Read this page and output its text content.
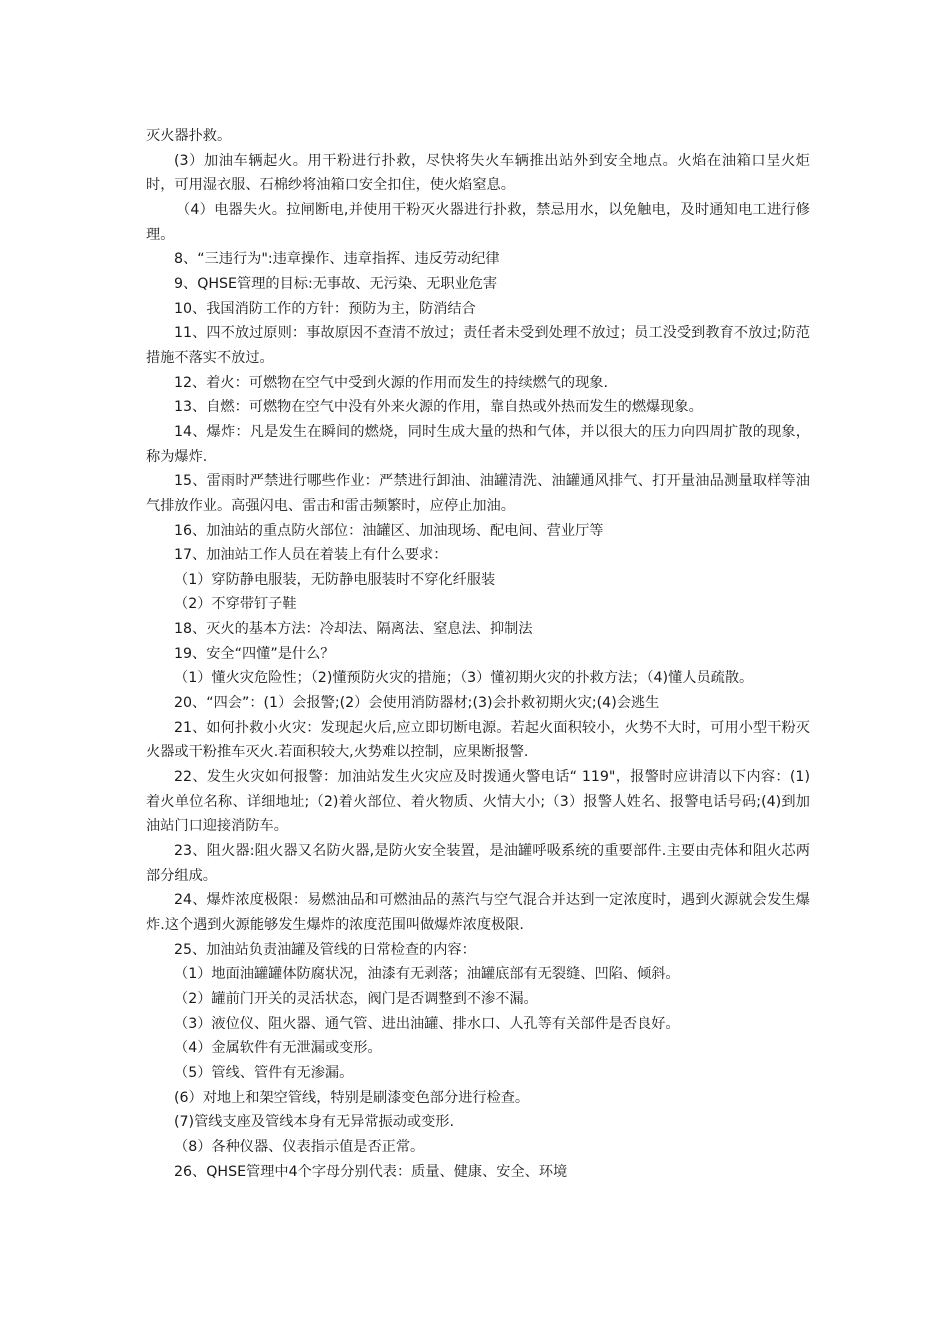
灭火器扑救。

(3）加油车辆起火。用干粉进行扑救，尽快将失火车辆推出站外到安全地点。火焰在油箱口呈火炬时，可用湿衣服、石棉纱将油箱口安全扣住，使火焰窒息。

（4）电器失火。拉闸断电,并使用干粉灭火器进行扑救，禁忌用水，以免触电，及时通知电工进行修理。

8、“三违行为":违章操作、违章指挥、违反劳动纪律

9、QHSE管理的目标:无事故、无污染、无职业危害

10、我国消防工作的方针：预防为主，防消结合

11、四不放过原则：事故原因不查清不放过；责任者未受到处理不放过；员工没受到教育不放过;防范措施不落实不放过。

12、着火：可燃物在空气中受到火源的作用而发生的持续燃气的现象.

13、自燃：可燃物在空气中没有外来火源的作用，靠自热或外热而发生的燃爆现象。

14、爆炸：凡是发生在瞬间的燃烧，同时生成大量的热和气体，并以很大的压力向四周扩散的现象，称为爆炸.

15、雷雨时严禁进行哪些作业：严禁进行卸油、油罐清洗、油罐通风排气、打开量油品测量取样等油气排放作业。高强闪电、雷击和雷击频繁时，应停止加油。

16、加油站的重点防火部位：油罐区、加油现场、配电间、营业厅等

17、加油站工作人员在着装上有什么要求：

（1）穿防静电服装，无防静电服装时不穿化纤服装

（2）不穿带钉子鞋

18、灭火的基本方法：冷却法、隔离法、窒息法、抑制法

19、安全“四懂”是什么？

（1）懂火灾危险性；（2)懂预防火灾的措施；（3）懂初期火灾的扑救方法；（4)懂人员疏散。

20、“四会”：(1）会报警;(2）会使用消防器材;(3)会扑救初期火灾;(4)会逃生

21、如何扑救小火灾：发现起火后,应立即切断电源。若起火面积较小，火势不大时，可用小型干粉灭火器或干粉推车灭火.若面积较大,火势难以控制，应果断报警.

22、发生火灾如何报警：加油站发生火灾应及时拨通火警电话“ 119"，报警时应讲清以下内容：(1)着火单位名称、详细地址;（2)着火部位、着火物质、火情大小;（3）报警人姓名、报警电话号码;(4)到加油站门口迎接消防车。

23、阻火器:阻火器又名防火器,是防火安全装置，是油罐呼吸系统的重要部件.主要由壳体和阻火芯两部分组成。

24、爆炸浓度极限：易燃油品和可燃油品的蒸汽与空气混合并达到一定浓度时，遇到火源就会发生爆炸.这个遇到火源能够发生爆炸的浓度范围叫做爆炸浓度极限.

25、加油站负责油罐及管线的日常检查的内容：

（1）地面油罐罐体防腐状况，油漆有无剥落；油罐底部有无裂缝、凹陷、倾斜。

（2）罐前门开关的灵活状态，阀门是否调整到不渗不漏。

（3）液位仪、阻火器、通气管、进出油罐、排水口、人孔等有关部件是否良好。

（4）金属软件有无泄漏或变形。

（5）管线、管件有无渗漏。

(6）对地上和架空管线，特别是刷漆变色部分进行检查。

(7)管线支座及管线本身有无异常振动或变形.

（8）各种仪器、仪表指示值是否正常。

26、QHSE管理中4个字母分别代表：质量、健康、安全、环境
